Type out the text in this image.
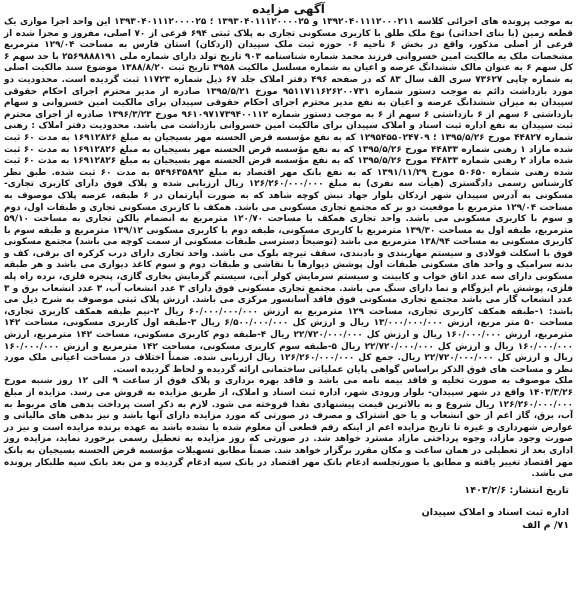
آگهی مزایده

به موجب پرونده های اجرائی کلاسه ۱۳۹۲۰۴۰۱۱۱۲۰۰۰۲۱۱ و ۱۳۹۳۰۴۰۱۱۱۲۰۰۰۰۲۵ ؛ ۱۳۹۳۰۴۰۱۱۱۲۰۰۰۰۲۵ این واحد اجرا موازی یک قطعه زمین (با بنای احداثی) نوع ملک طلق با کاربری مسکونی تجاری به پلاک ثبتی ۶۹۴ فرعی از ۷۰ اصلی، مفروز و مجزا شده از فرعی از اصلی مذکور، واقع در بخش ۶ ناحیه ۰۶ حوزه ثبت ملک سپیدان (اردکان) استان فارس به مساحت ۱۲۹/۰۴ مترمربع مشخصات ملک به مالکیت امین خسروانی فرزند محمد شماره شناسنامه ۹۰۳ تاریخ تولد دارای شماره ملی ۲۵۶۹۸۸۸۱۹۱ با حد سهم ۶ کل سهم ۶ به عنوان مالک ششدانگ عرصه و اعیان به شماره مسلسل مالکیت ۳۹۵۸ تاریخ ثبت ۱۳۸۸/۸/۲۰ موضوع سند مالکیت اصلی به شماره چاپی ۷۳۶۲۷ سری الف سال ۸۳ که در صفحه ۴۹۶ دفتر املاک جلد ۶۷ ذیل شماره ۱۱۷۲۳ ثبت گردیده است. محدودیت دو مورد بازداشت دائم به موجب دستور شماره ۹۵۱۱۷۱۱۶۲۶۲۰۰۷۳۱ مورخ ۱۳۹۵/۵/۲۱ صادره از مدیر محترم اجرای احکام حقوقی سپیدان به میزان ششدانگ عرصه و اعیان به نفع مدیر محترم اجرای احکام حقوقی سپیدان برای مالکیت امین خسروانی و سهام بازداشتی ۶ سهم از ۶ بازداشتی ۶ سهم از ۶ به موجب دستور شماره ۹۶۱۰۹۷۱۷۳۹۴۰۰۱۱۲ مورخ ۱۳۹۶/۳/۲۳ صادره از اجرای محترم ثبت سپیدان به نفع اداره ثبت اسناد و املاک سپیدان برای مالکیت امین خسروانی بازداشت می باشد. محدودیت دفتر املاک : رهنی شماره ۴۴۸۲۷ مورخ ۱۳۹۵/۵/۲۶ ؛ ۱۲۹۵۴۵۵۰۲۴۷۰۹ که به نفع مؤسسه قرض الحسنه مهر بسیجیان به مبلغ ۱۶۹۱۲۸۲۶ به مدت ۶۰ ثبت شده مازاد ۱ رهنی شماره ۴۴۸۳۳ مورخ ۱۳۹۵/۵/۲۶ که به نفع مؤسسه قرض الحسنه مهر بسیجیان به مبلغ ۱۶۹۱۲۸۲۶ به مدت ۶۰ ثبت شده مازاد ۲ رهنی شماره ۴۴۸۳۳ مورخ ۱۳۹۵/۵/۲۶ که به نفع مؤسسه قرض الحسنه مهر بسیجیان به مبلغ ۱۶۹۱۲۸۲۶ به مدت ۶۰ ثبت شده رهنی شماره ۵۰۶۵۰ مورخ ۱۳۹۱/۱۱/۲۹ که به نفع بانک مهر اقتصاد به مبلغ ۵۴۹۶۳۵۸۹۲ به مدت ۶۰ ثبت شده. طبق نظر کارشناس رسمی دادگستری (هیأت سه نفری) به مبلغ ۱۲۶/۲۶۰/۰۰۰/۰۰۰ ریال ارزیابی شده و پلاک فوق دارای کاربری تجاری-مسکونی به آدرس سپیدان شهر اردکان بلوار جهاد نبش کوچه شاهد که به صورت آپارتمان در ۶ طبقه، عرصه پلاک موصوف به مساحت ۱۲۹/۰۴ مترمربع با موقعیت دو بر که مجتمع تجاری مسکونی می باشد. همکف با کاربری مسکونی تجاری و طبقات اول، دوم و سوم با کاربری مسکونی می باشد. واحد تجاری همکف با مساحت ۱۲۰/۷۰ مترمربع به انضمام بالکن تجاری به مساحت ۵۹/۱۰ مترمربع، طبقه اول به مساحت ۱۳۹/۳۰ مترمربع با کاربری مسکونی، طبقه دوم با کاربری مسکونی ۱۳۹/۱۲ مترمربع و طبقه سوم با کاربری مسکونی به مساحت ۱۳۸/۹۴ مترمربع می باشد (توضیحاً دسترسی طبقات مسکونی از سمت کوچه می باشد) مجتمع مسکونی فوق با اسکلت فولادی و سیستم مهاربندی و بادبندی، سقف تیرچه بلوک می باشد. واحد تجاری دارای درب کرکره ای برقی، کف و بدنه سرامیک و واحد های مسکونی طبقات اول پوشش دیوارها با نقاشی و طبقات دوم و سوم کاغذ دیواری می باشد و هر طبقه مسکونی دارای سه عدد اتاق خواب و کابینت و سیستم سرمایش کولر آبی، سیستم گرمایش بخاری گازی، پنجره فلزی، نرده راه پله فلزی، پوشش بام ایزوگام و نما دارای سنگ می باشد. مجتمع تجاری مسکونی فوق دارای ۳ عدد انشعاب آب، ۳ عدد انشعاب برق و ۳ عدد انشعاب گاز می باشد مجتمع تجاری مسکونی فوق فاقد آسانسور مرکزی می باشد. ارزش پلاک ثبتی موصوف به شرح ذیل می باشد: ۱-طبقه همکف کاربری تجاری، مساحت ۱۲۹ مترمربع به ارزش ۶۰/۰۰۰/۰۰۰/۰۰۰ ریال ۲-نیم طبقه همکف کاربری تجاری، مساحت ۵۰ متر مربع، ارزش ۱۳/۰۰۰/۰۰۰/۰۰۰ ریال و ارزش کل ۶/۵۰۰/۰۰۰/۰۰۰ ریال ۳-طبقه اول کاربری مسکونی، مساحت ۱۴۲ مترمربع، ارزش ۱۶۰/۰۰۰/۰۰۰ ریال و ارزش کل ۲۲/۷۲۰/۰۰۰/۰۰۰ ریال ۴-طبقه دوم کاربری مسکونی، مساحت ۱۴۲ مترمربع، ارزش ۱۶۰/۰۰۰/۰۰۰ ریال و ارزش کل ۲۲/۷۲۰/۰۰۰/۰۰۰ ریال ۵-طبقه سوم کاربری مسکونی، مساحت ۱۴۲ مترمربع و ارزش ۱۶۰/۰۰۰/۰۰۰ ریال و ارزش کل ۲۲/۷۲۰/۰۰۰/۰۰۰ ریال. جمع کل ۱۲۶/۲۶۰/۰۰۰/۰۰۰ ریال ارزیابی شده. ضمناً اختلاف در مساحت اعیانی ملک مورد نظر و مساحت های فوق الذکر براساس گواهی پایان عملیاتی ساختمانی ارائه گردیده و لحاظ گردیده است.

ملک موصوف به صورت تخلیه و فاقد بیمه نامه می باشد و فاقد بهره برداری و پلاک فوق از ساعت ۹ الی ۱۲ روز شنبه مورخ ۱۴۰۳/۳/۲۶ واقع در شهر سپیدان- بلوار ورودی شهر، اداره ثبت اسناد و املاک، از طریق مزایده به فروش می رسد. مزایده از مبلغ ۱۲۶/۲۶۰/۰۰۰/۰۰۰ ریال شروع و به بالاترین قیمت پیشنهادی نقدا فروخته می شود. لازم به ذکر است پرداخت بدهی های مربوط به آب، برق، گاز اعم از حق انشعاب و یا حق اشتراک و مصرف در صورتی که مورد مزایده دارای آنها باشد و نیز بدهی های مالیاتی و عوارض شهرداری و غیره تا تاریخ مزایده اعم از اینکه رقم قطعی آن معلوم شده یا نشده باشد به عهده برنده مزایده است و نیز در صورت وجود مازاد، وجوه پرداختی مازاد مسترد خواهد شد. در صورتی که روز مزایده به تعطیل رسمی برخورد نماید، مزایده روز اداری بعد از تعطیلی در همان ساعت و مکان مقرر برگزار خواهد شد. ضمناً مطابق تسهیلات مؤسسه قرض الحسنه بسیجیان به بانک مهر اقتصاد تغییر یافته و مطابق با صورتجلسه ادغام بانک مهر اقتصاد در بانک سپه ادغام گردیده و من بعد بانک سپه طلبکار پرونده می باشد.

تاریخ انتشار: ۱۴۰۳/۲/۶
اداره ثبت اسناد و املاک سپیدان
۷۱/ م الف
